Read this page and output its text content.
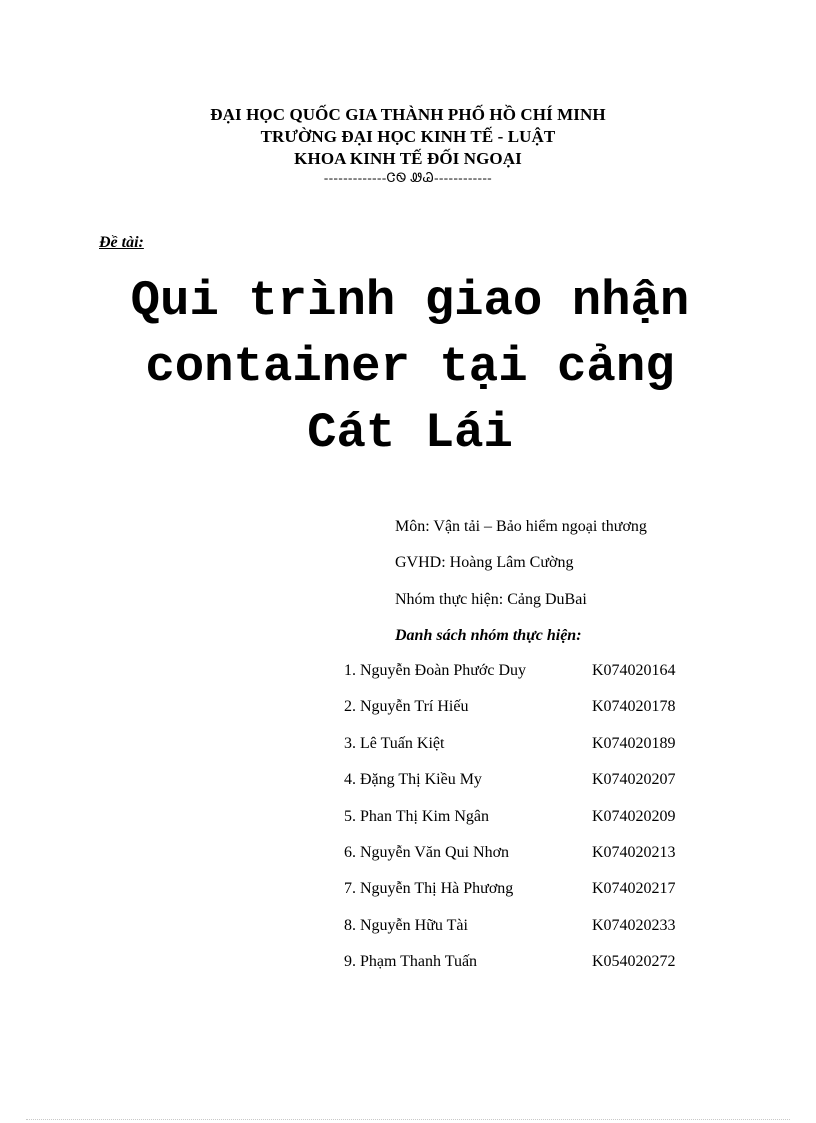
ĐẠI HỌC QUỐC GIA THÀNH PHỐ HỒ CHÍ MINH
TRƯỜNG ĐẠI HỌC KINH TẾ - LUẬT
KHOA KINH TẾ ĐỐI NGOẠI
-------------ᏣᏫ ᏪᏊ------------
Đề tài:
Qui trình giao nhận
container tại cảng
Cát Lái
Môn: Vận tải – Bảo hiểm ngoại thương
GVHD: Hoàng Lâm Cường
Nhóm thực hiện: Cảng DuBai
Danh sách nhóm thực hiện:
1. Nguyễn Đoàn Phước Duy	K074020164
2. Nguyễn Trí Hiếu	K074020178
3. Lê Tuấn Kiệt	K074020189
4. Đặng Thị Kiều My	K074020207
5. Phan Thị Kim Ngân	K074020209
6. Nguyễn Văn Qui Nhơn	K074020213
7. Nguyễn Thị Hà Phương	K074020217
8. Nguyễn Hữu Tài	K074020233
9. Phạm Thanh Tuấn	K054020272
